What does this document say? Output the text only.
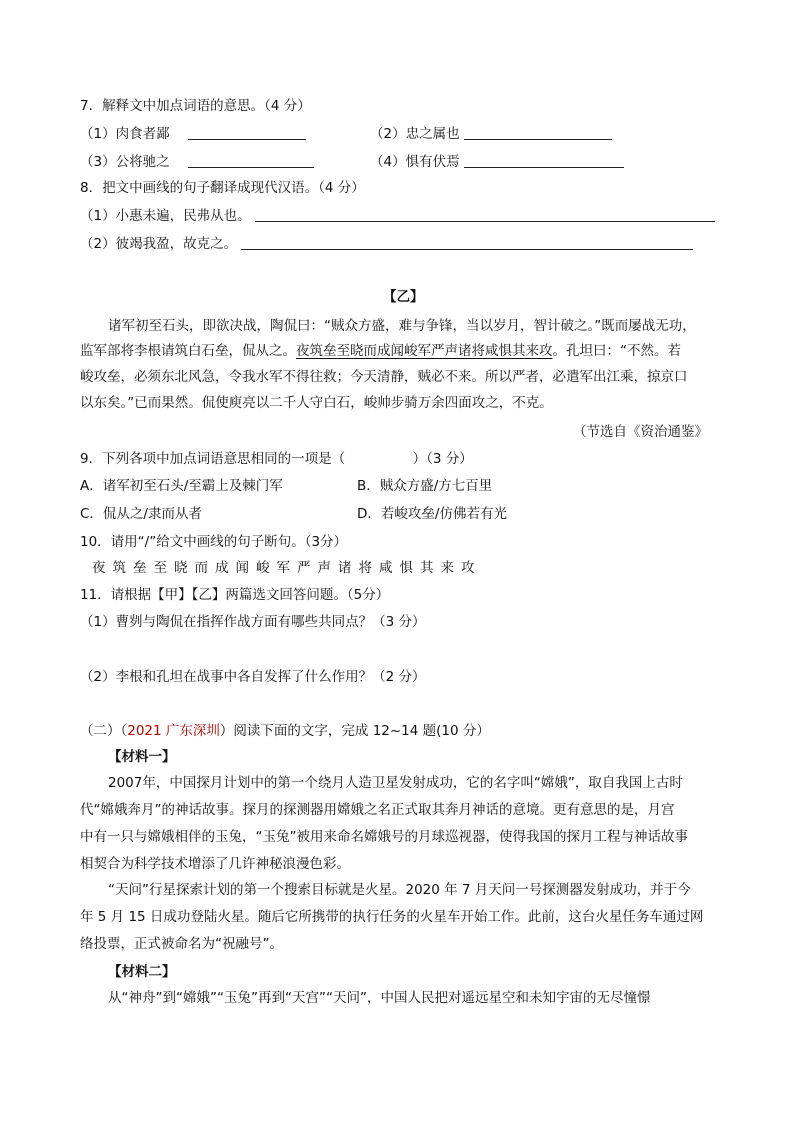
7．解释文中加点词语的意思。（4 分）
（1）肉食者鄙	（2）忠之属也
（3）公将驰之	（4）惧有伏焉
8．把文中画线的句子翻译成现代汉语。（4 分）
（1）小惠未遍，民弗从也。
（2）彼竭我盈，故克之。
【乙】
诸军初至石头，即欲决战，陶侃曰：“贼众方盛，难与争锋，当以岁月，智计破之。”既而屡战无功，
监军部将李根请筑白石垒，侃从之。夜筑垒至晓而成闻峻军严声诸将咸惧其来攻。孔坦曰：“不然。若
峻攻垒，必须东北风急，令我水军不得往救；今天清静，贼必不来。所以严者，必遣军出江乘，掠京口
以东矣。”已而果然。侃使庾亮以二千人守白石，峻帅步骑万余四面攻之，不克。
（节选自《资治通鉴》
9．下列各项中加点词语意思相同的一项是（　　　　　）（3 分）
A．诸军初至石头/至霸上及棘门军	B．贼众方盛/方七百里
C．侃从之/隶而从者	D．若峻攻垒/仿佛若有光
10．请用“/”给文中画线的句子断句。（3分）
夜筑垒至晓而成闻峻军严声诸将咸惧其来攻
11．请根据【甲】【乙】两篇选文回答问题。（5分）
（1）曹刿与陶侃在指挥作战方面有哪些共同点？（3 分）
（2）李根和孔坦在战事中各自发挥了什么作用？（2 分）
（二）（2021 广东深圳）阅读下面的文字，完成 12~14 题(10 分）
【材料一】
2007年，中国探月计划中的第一个绕月人造卫星发射成功，它的名字叫“嫦娥”，取自我国上古时
代“嫦娥奔月”的神话故事。探月的探测器用嫦娥之名正式取其奔月神话的意境。更有意思的是，月宫
中有一只与嫦娥相伴的玉兔，“玉兔”被用来命名嫦娥号的月球巡视器，使得我国的探月工程与神话故事
相契合为科学技术增添了几许神秘浪漫色彩。
“天问”行星探索计划的第一个搜索目标就是火星。2020 年 7 月天问一号探测器发射成功，并于今
年 5 月 15 日成功登陆火星。随后它所携带的执行任务的火星车开始工作。此前，这台火星任务车通过网
络投票，正式被命名为“祝融号”。
【材料二】
从“神舟”到“嫦娥”“玉兔”再到“天宫”“天问”，中国人民把对遥远星空和未知宇宙的无尽憧憬
